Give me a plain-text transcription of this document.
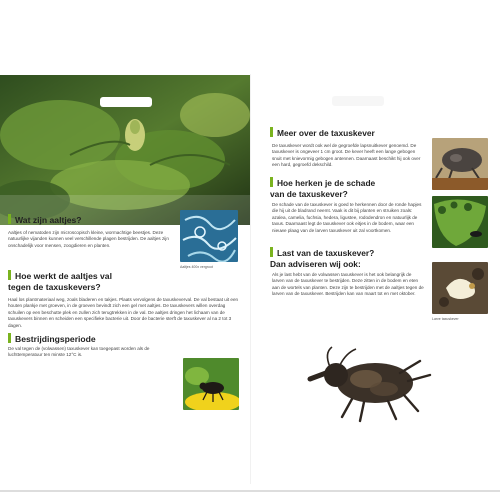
Wat zijn aaltjes?
Aaltjes of nematoden zijn microscopisch kleine, wormachtige beestjes. Deze natuurlijke vijanden kunnen veel verschillende plagen bestrijden. De aaltjes zijn onschadelijk voor mensen, zoogdieren en planten.
Aaltjes 400x vergroot
Hoe werkt de aaltjes val
tegen de taxuskevers?
Haal los plantmateriaal weg, zoals bladeren en takjes. Plaats vervolgens de taxuskeverval. De val bestaat uit een houten plankje met groeven, in de groeven bevindt zich een gel met aaltjes. De taxuskevers willen overdag schuilen op een beschutte plek en zullen zich terugtrekken in de val. De aaltjes dringen het lichaam van de taxuskevers binnen en scheiden een specifieke bacterie uit. Door de bacterie sterft de taxuskever al na 2 tot 3 dagen.
Bestrijdingsperiode
De val tegen de (volwassen) taxuskever kan toegepast worden als de luchttemperatuur ten minste 12°C is.
Meer over de taxuskever
De taxuskever wordt ook wel de gegroefde lapsnuitkever genoemd. De taxuskever is ongeveer 1 cm groot. De kever heeft een lange gebogen snuit met knievormig gebogen antennen. Daarnaast beschikt hij ook over een hard, gegroefd dekschild.
Hoe herken je de schade
van de taxuskever?
De schade van de taxuskever is goed te herkennen door de ronde hapjes die hij uit de bladrand neemt. Vaak is dit bij planten en struiken zoals: azalea, camelia, fuchsia, hedera, ligustee, rododendron en natuurlijk de taxus. Daarnaast legt de taxuskever ook eitjes in de bodem, waar een nieuwe plaag van de larven taxuskever uit zal voortkomen.
Last van de taxuskever?
Dan adviseren wij ook:
Als je last hebt van de volwassen taxuskever is het ook belangrijk de larven van de taxuskever te bestrijden. Deze zitten in de bodem en eten aan de wortels van planten. Deze zijn te bestrijden met de aaltjes tegen de larven van de taxuskever. Bestrijden kan van maart tot en met oktober.
Larve taxuskever
